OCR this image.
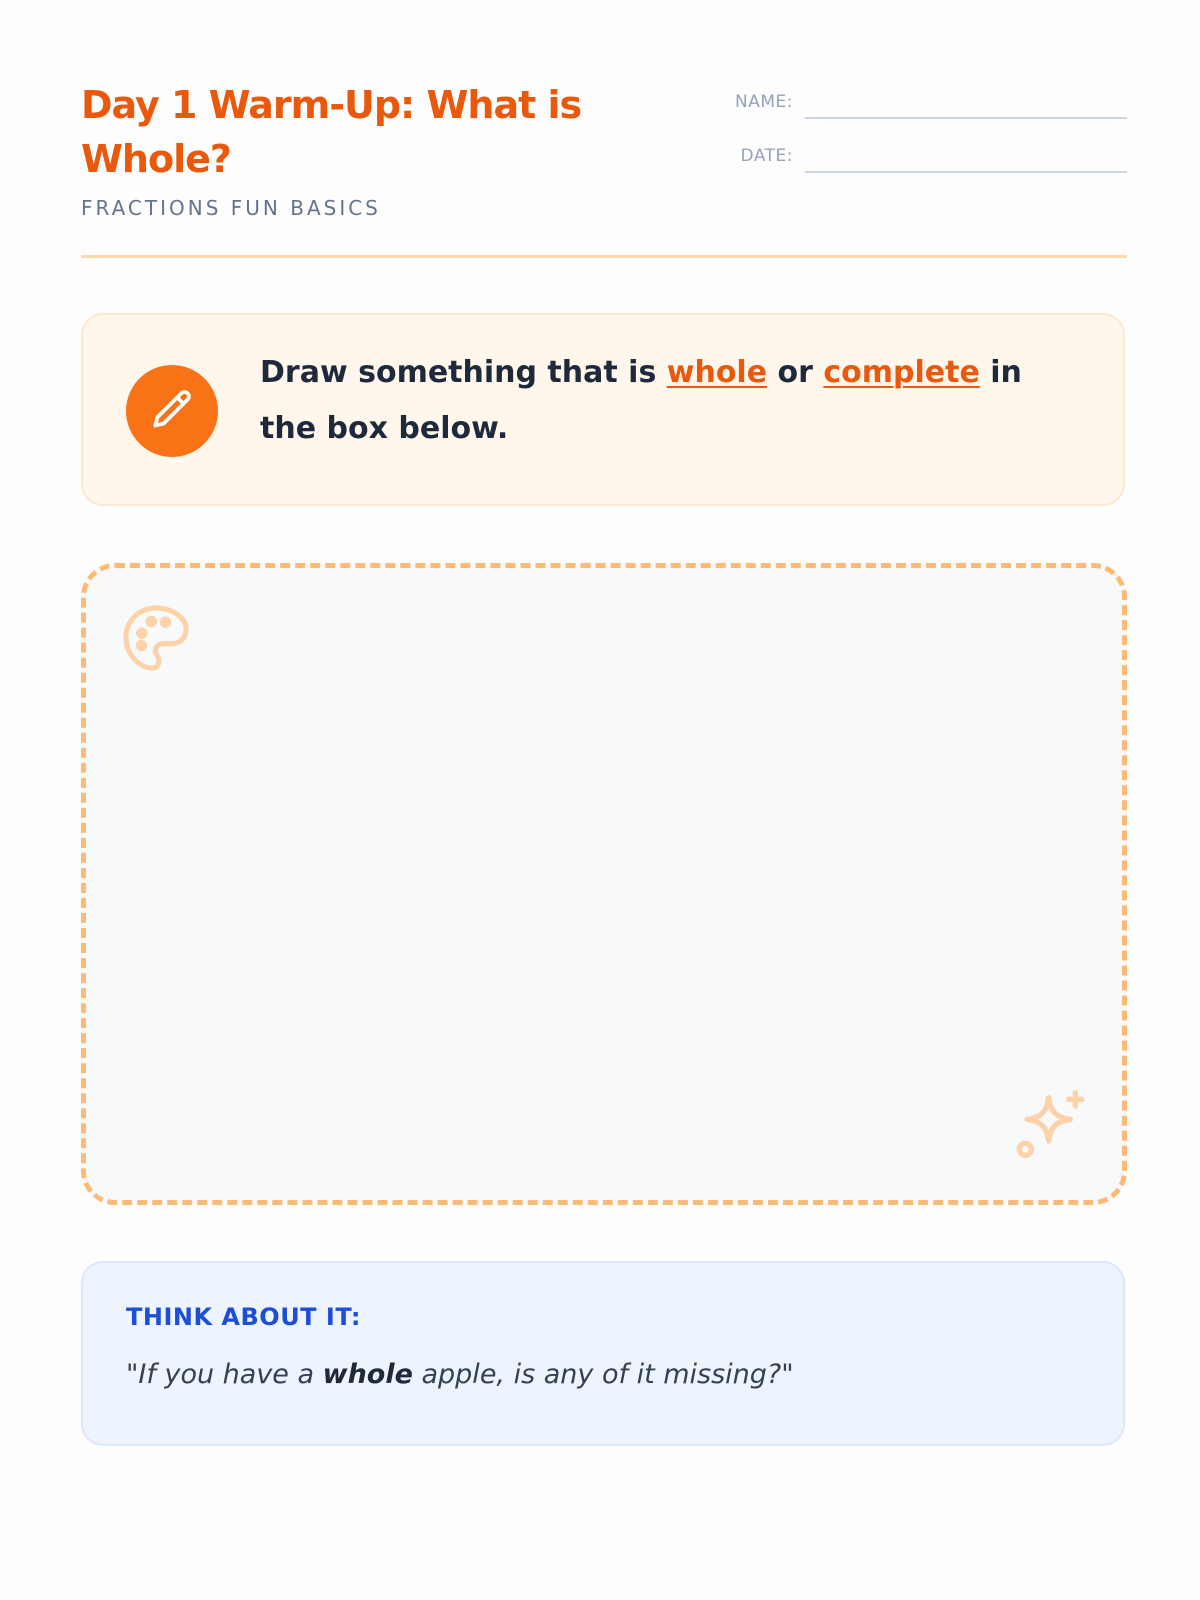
Day 1 Warm-Up: What is Whole?
FRACTIONS FUN BASICS
NAME:
DATE:

Draw something that is whole or complete in the box below.

THINK ABOUT IT:
"If you have a whole apple, is any of it missing?"
